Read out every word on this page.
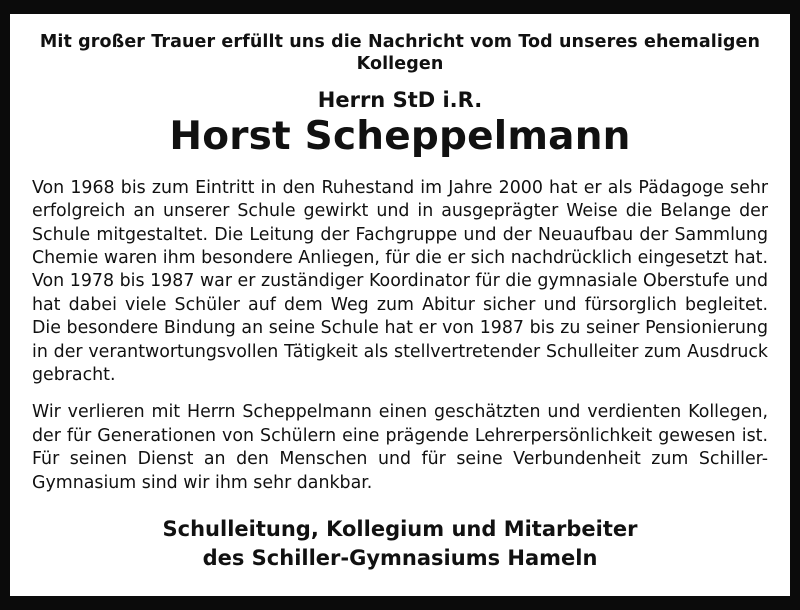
Mit großer Trauer erfüllt uns die Nachricht vom Tod unseres ehemaligen Kollegen
Herrn StD i.R.
Horst Scheppelmann

Von 1968 bis zum Eintritt in den Ruhestand im Jahre 2000 hat er als Pädagoge sehr erfolgreich an unserer Schule gewirkt und in ausgeprägter Weise die Belange der Schule mitgestaltet. Die Leitung der Fachgruppe und der Neuaufbau der Sammlung Chemie waren ihm besondere Anliegen, für die er sich nachdrücklich eingesetzt hat. Von 1978 bis 1987 war er zuständiger Koordinator für die gymnasiale Oberstufe und hat dabei viele Schüler auf dem Weg zum Abitur sicher und fürsorglich begleitet. Die besondere Bindung an seine Schule hat er von 1987 bis zu seiner Pensionierung in der verantwortungsvollen Tätigkeit als stellvertretender Schulleiter zum Ausdruck gebracht.

Wir verlieren mit Herrn Scheppelmann einen geschätzten und verdienten Kollegen, der für Generationen von Schülern eine prägende Lehrerpersönlichkeit gewesen ist. Für seinen Dienst an den Menschen und für seine Verbundenheit zum Schiller-Gymnasium sind wir ihm sehr dankbar.

Schulleitung, Kollegium und Mitarbeiter
des Schiller-Gymnasiums Hameln
